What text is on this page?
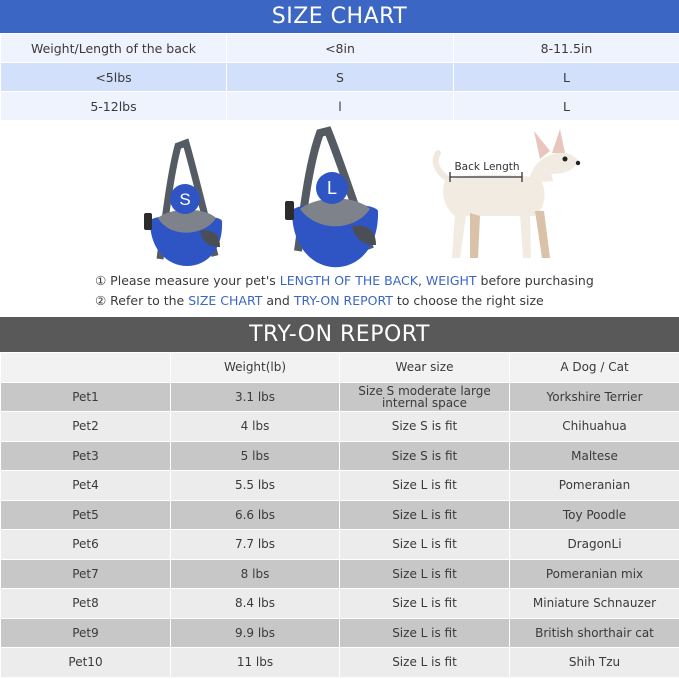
SIZE CHART
Weight/Length of the back	<8in	8-11.5in
<5lbs	S	L
5-12lbs	l	L
S
L
Back Length
① Please measure your pet's LENGTH OF THE BACK, WEIGHT before purchasing
② Refer to the SIZE CHART and TRY-ON REPORT to choose the right size
TRY-ON REPORT
	Weight(lb)	Wear size	A Dog / Cat
Pet1	3.1 lbs	Size S moderate large internal space	Yorkshire Terrier
Pet2	4 lbs	Size S is fit	Chihuahua
Pet3	5 lbs	Size S is fit	Maltese
Pet4	5.5 lbs	Size L is fit	Pomeranian
Pet5	6.6 lbs	Size L is fit	Toy Poodle
Pet6	7.7 lbs	Size L is fit	DragonLi
Pet7	8 lbs	Size L is fit	Pomeranian mix
Pet8	8.4 lbs	Size L is fit	Miniature Schnauzer
Pet9	9.9 lbs	Size L is fit	British shorthair cat
Pet10	11 lbs	Size L is fit	Shih Tzu
